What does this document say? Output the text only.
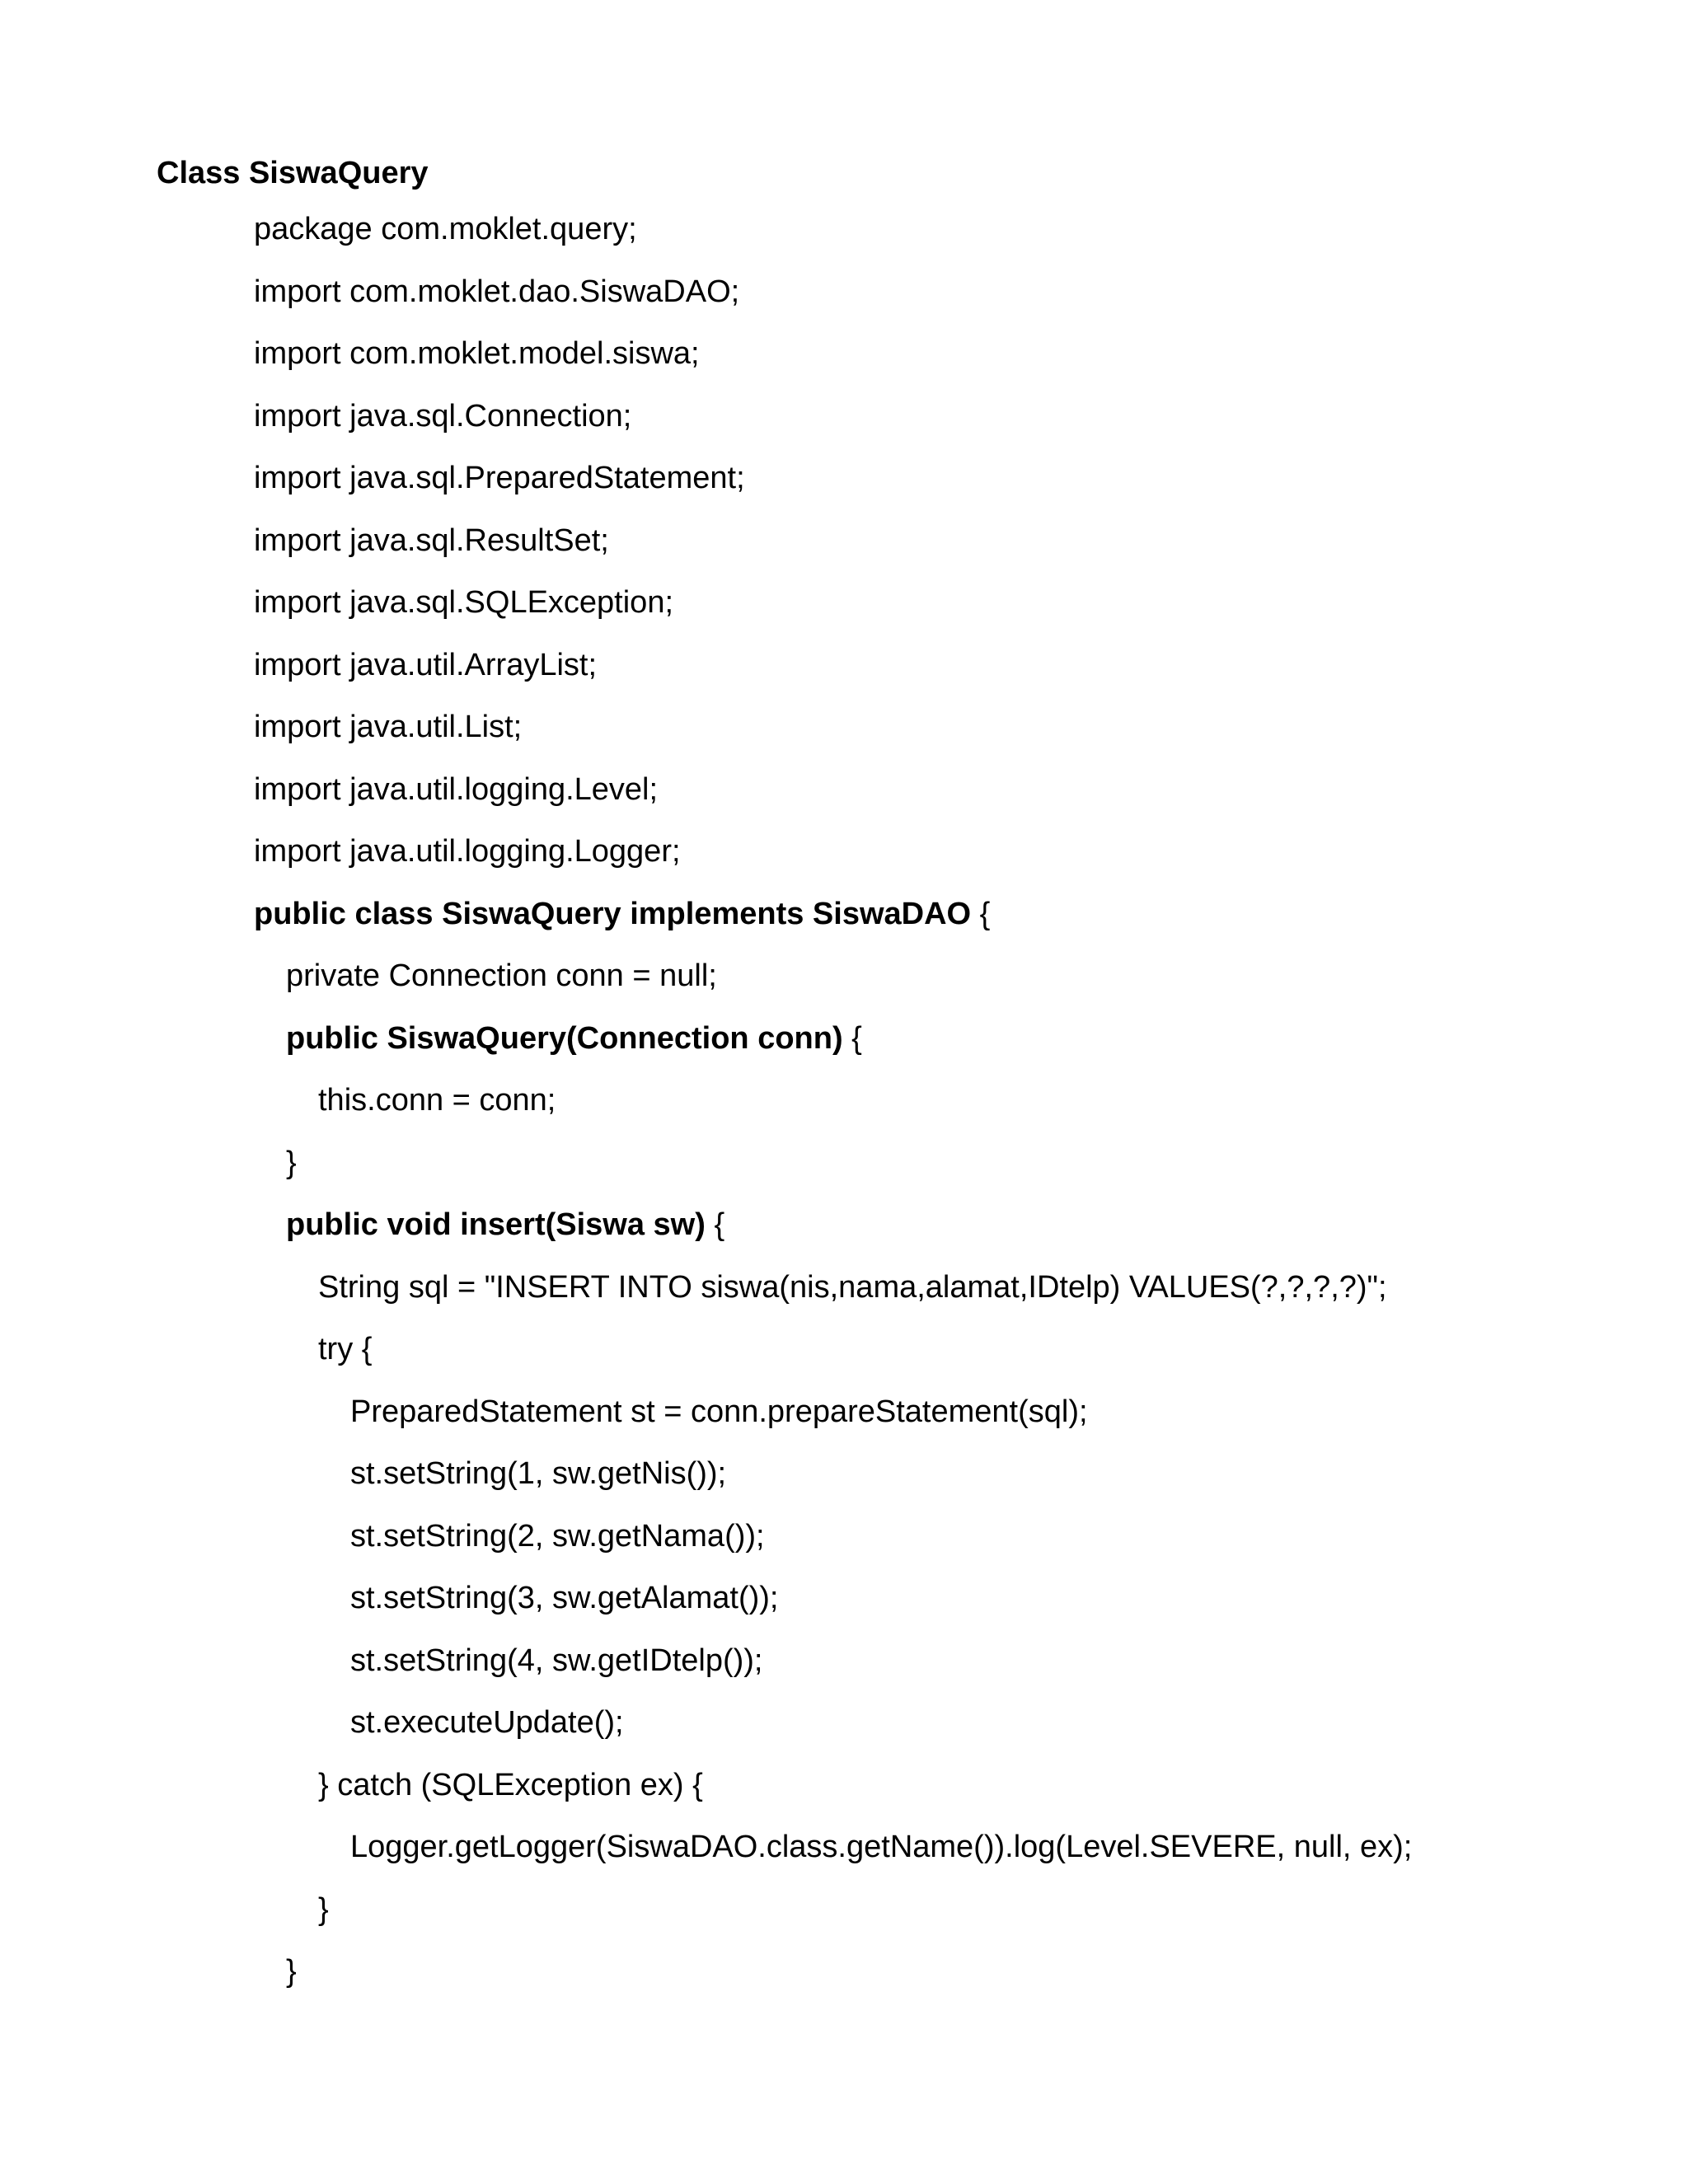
Class SiswaQuery
package com.moklet.query;
import com.moklet.dao.SiswaDAO;
import com.moklet.model.siswa;
import java.sql.Connection;
import java.sql.PreparedStatement;
import java.sql.ResultSet;
import java.sql.SQLException;
import java.util.ArrayList;
import java.util.List;
import java.util.logging.Level;
import java.util.logging.Logger;
public class SiswaQuery implements SiswaDAO {
private Connection conn = null;
public SiswaQuery(Connection conn) {
this.conn = conn;
}
public void insert(Siswa sw) {
String sql = "INSERT INTO siswa(nis,nama,alamat,IDtelp) VALUES(?,?,?,?)";
try {
PreparedStatement st = conn.prepareStatement(sql);
st.setString(1, sw.getNis());
st.setString(2, sw.getNama());
st.setString(3, sw.getAlamat());
st.setString(4, sw.getIDtelp());
st.executeUpdate();
} catch (SQLException ex) {
Logger.getLogger(SiswaDAO.class.getName()).log(Level.SEVERE, null, ex);
}
}
